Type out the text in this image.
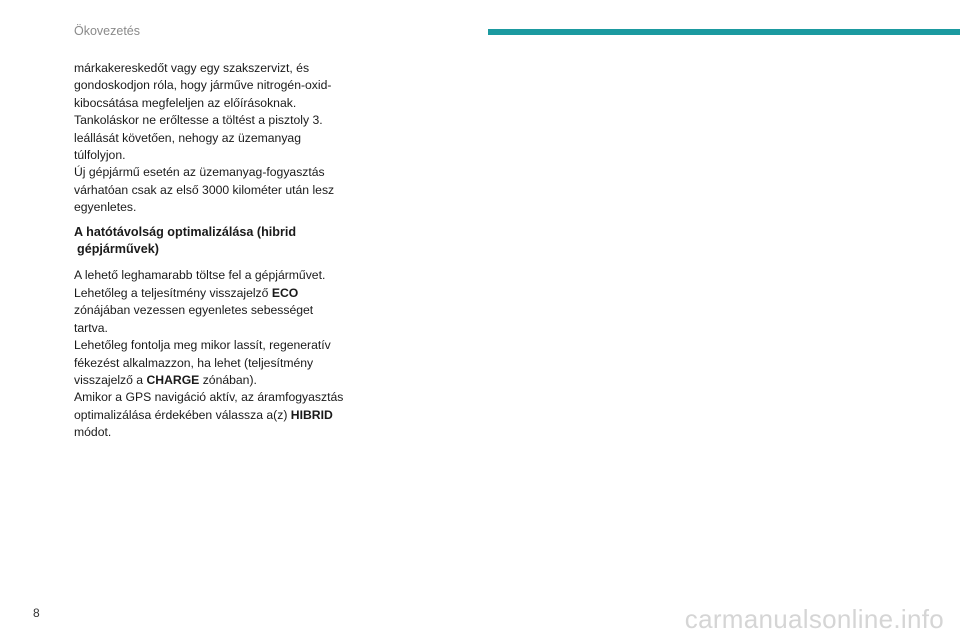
Ökovezetés

márkakereskedőt vagy egy szakszervizt, és gondoskodjon róla, hogy járműve nitrogén-oxid-kibocsátása megfeleljen az előírásoknak.

Tankoláskor ne erőltesse a töltést a pisztoly 3. leállását követően, nehogy az üzemanyag túlfolyjon.

Új gépjármű esetén az üzemanyag-fogyasztás várhatóan csak az első 3000 kilométer után lesz egyenletes.

A hatótávolság optimalizálása (hibrid
gépjárművek)

A lehető leghamarabb töltse fel a gépjárművet.

Lehetőleg a teljesítmény visszajelző ECO zónájában vezessen egyenletes sebességet tartva.

Lehetőleg fontolja meg mikor lassít, regeneratív fékezést alkalmazzon, ha lehet (teljesítmény visszajelző a CHARGE zónában).

Amikor a GPS navigáció aktív, az áramfogyasztás optimalizálása érdekében válassza a(z) HIBRID módot.

8	carmanualsonline.info
